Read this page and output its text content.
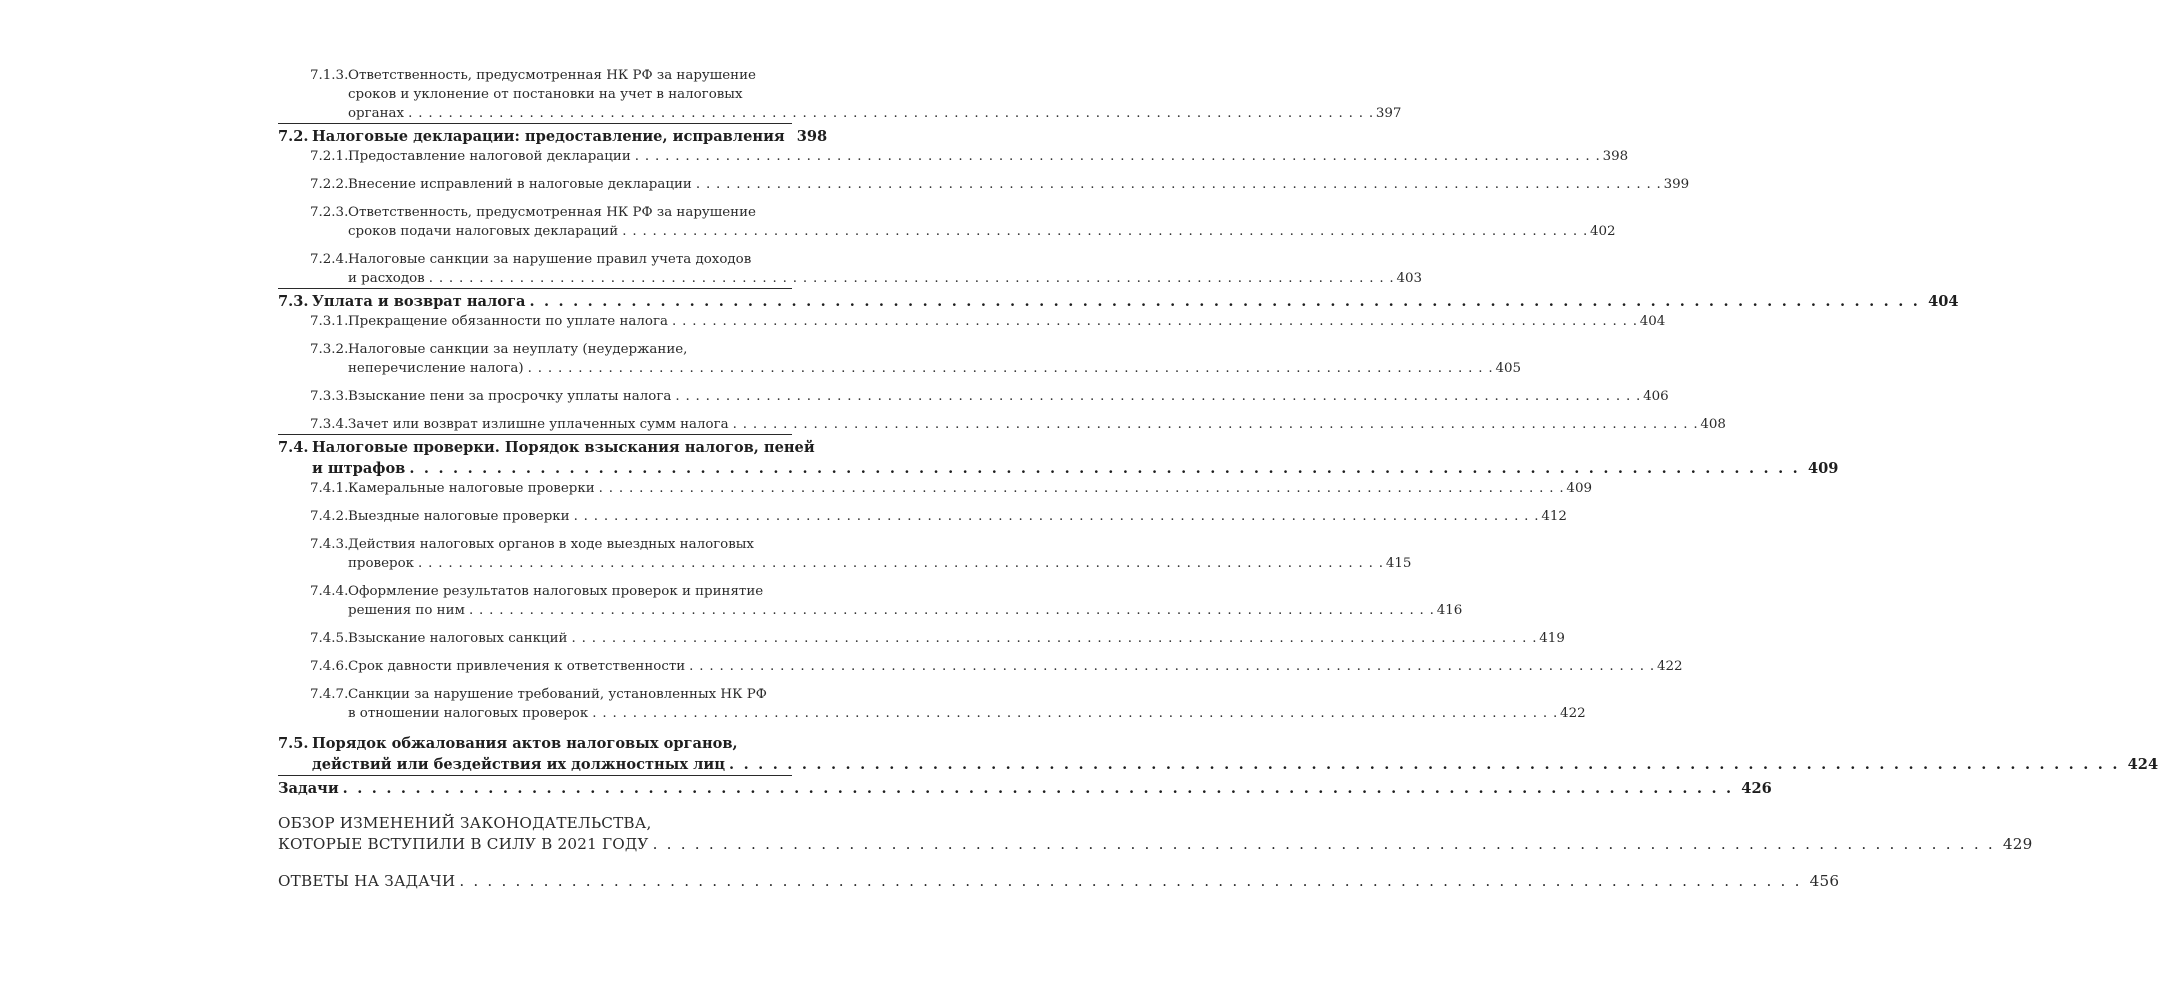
7.1.3. Ответственность, предусмотренная НК РФ за нарушение
сроков и уклонение от постановки на учет в налоговых
органах . . .	397
7.2. Налоговые декларации: предоставление, исправления 398
7.2.1. Предоставление налоговой декларации . . .	398
7.2.2. Внесение исправлений в налоговые декларации . . .	399
7.2.3. Ответственность, предусмотренная НК РФ за нарушение
сроков подачи налоговых деклараций . . .	402
7.2.4. Налоговые санкции за нарушение правил учета доходов
и расходов . . .	403
7.3. Уплата и возврат налога . . .	404
7.3.1. Прекращение обязанности по уплате налога . . .	404
7.3.2. Налоговые санкции за неуплату (неудержание,
неперечисление налога) . . .	405
7.3.3. Взыскание пени за просрочку уплаты налога . . .	406
7.3.4. Зачет или возврат излишне уплаченных сумм налога . . .	408
7.4. Налоговые проверки. Порядок взыскания налогов, пеней
и штрафов . . .	409
7.4.1. Камеральные налоговые проверки . . .	409
7.4.2. Выездные налоговые проверки . . .	412
7.4.3. Действия налоговых органов в ходе выездных налоговых
проверок . . .	415
7.4.4. Оформление результатов налоговых проверок и принятие
решения по ним . . .	416
7.4.5. Взыскание налоговых санкций . . .	419
7.4.6. Срок давности привлечения к ответственности . . .	422
7.4.7. Санкции за нарушение требований, установленных НК РФ
в отношении налоговых проверок . . .	422
7.5. Порядок обжалования актов налоговых органов,
действий или бездействия их должностных лиц . . .	424
Задачи . . .	426
ОБЗОР ИЗМЕНЕНИЙ ЗАКОНОДАТЕЛЬСТВА,
КОТОРЫЕ ВСТУПИЛИ В СИЛУ В 2021 ГОДУ . . .	429
ОТВЕТЫ НА ЗАДАЧИ . . .	456
